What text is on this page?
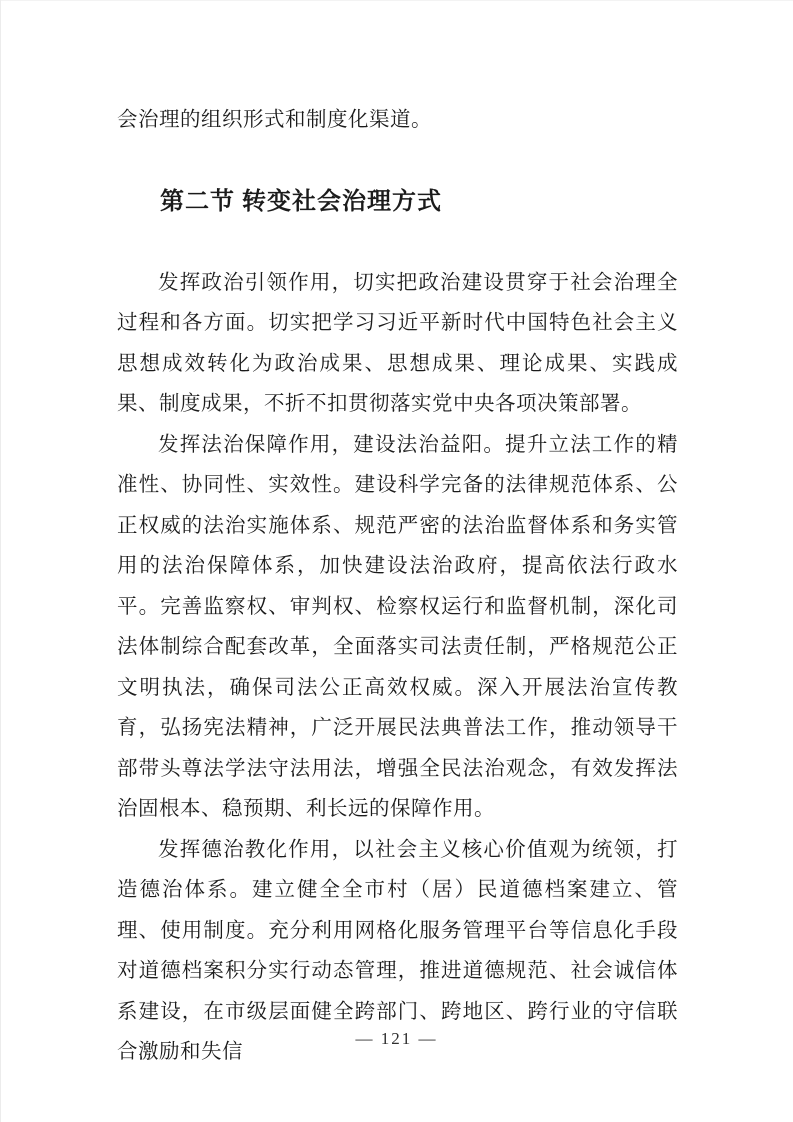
会治理的组织形式和制度化渠道。
第二节 转变社会治理方式

发挥政治引领作用，切实把政治建设贯穿于社会治理全过程和各方面。切实把学习习近平新时代中国特色社会主义思想成效转化为政治成果、思想成果、理论成果、实践成果、制度成果，不折不扣贯彻落实党中央各项决策部署。

发挥法治保障作用，建设法治益阳。提升立法工作的精准性、协同性、实效性。建设科学完备的法律规范体系、公正权威的法治实施体系、规范严密的法治监督体系和务实管用的法治保障体系，加快建设法治政府，提高依法行政水平。完善监察权、审判权、检察权运行和监督机制，深化司法体制综合配套改革，全面落实司法责任制，严格规范公正文明执法，确保司法公正高效权威。深入开展法治宣传教育，弘扬宪法精神，广泛开展民法典普法工作，推动领导干部带头尊法学法守法用法，增强全民法治观念，有效发挥法治固根本、稳预期、利长远的保障作用。

发挥德治教化作用，以社会主义核心价值观为统领，打造德治体系。建立健全全市村（居）民道德档案建立、管理、使用制度。充分利用网格化服务管理平台等信息化手段对道德档案积分实行动态管理，推进道德规范、社会诚信体系建设，在市级层面健全跨部门、跨地区、跨行业的守信联合激励和失信

— 121 —
